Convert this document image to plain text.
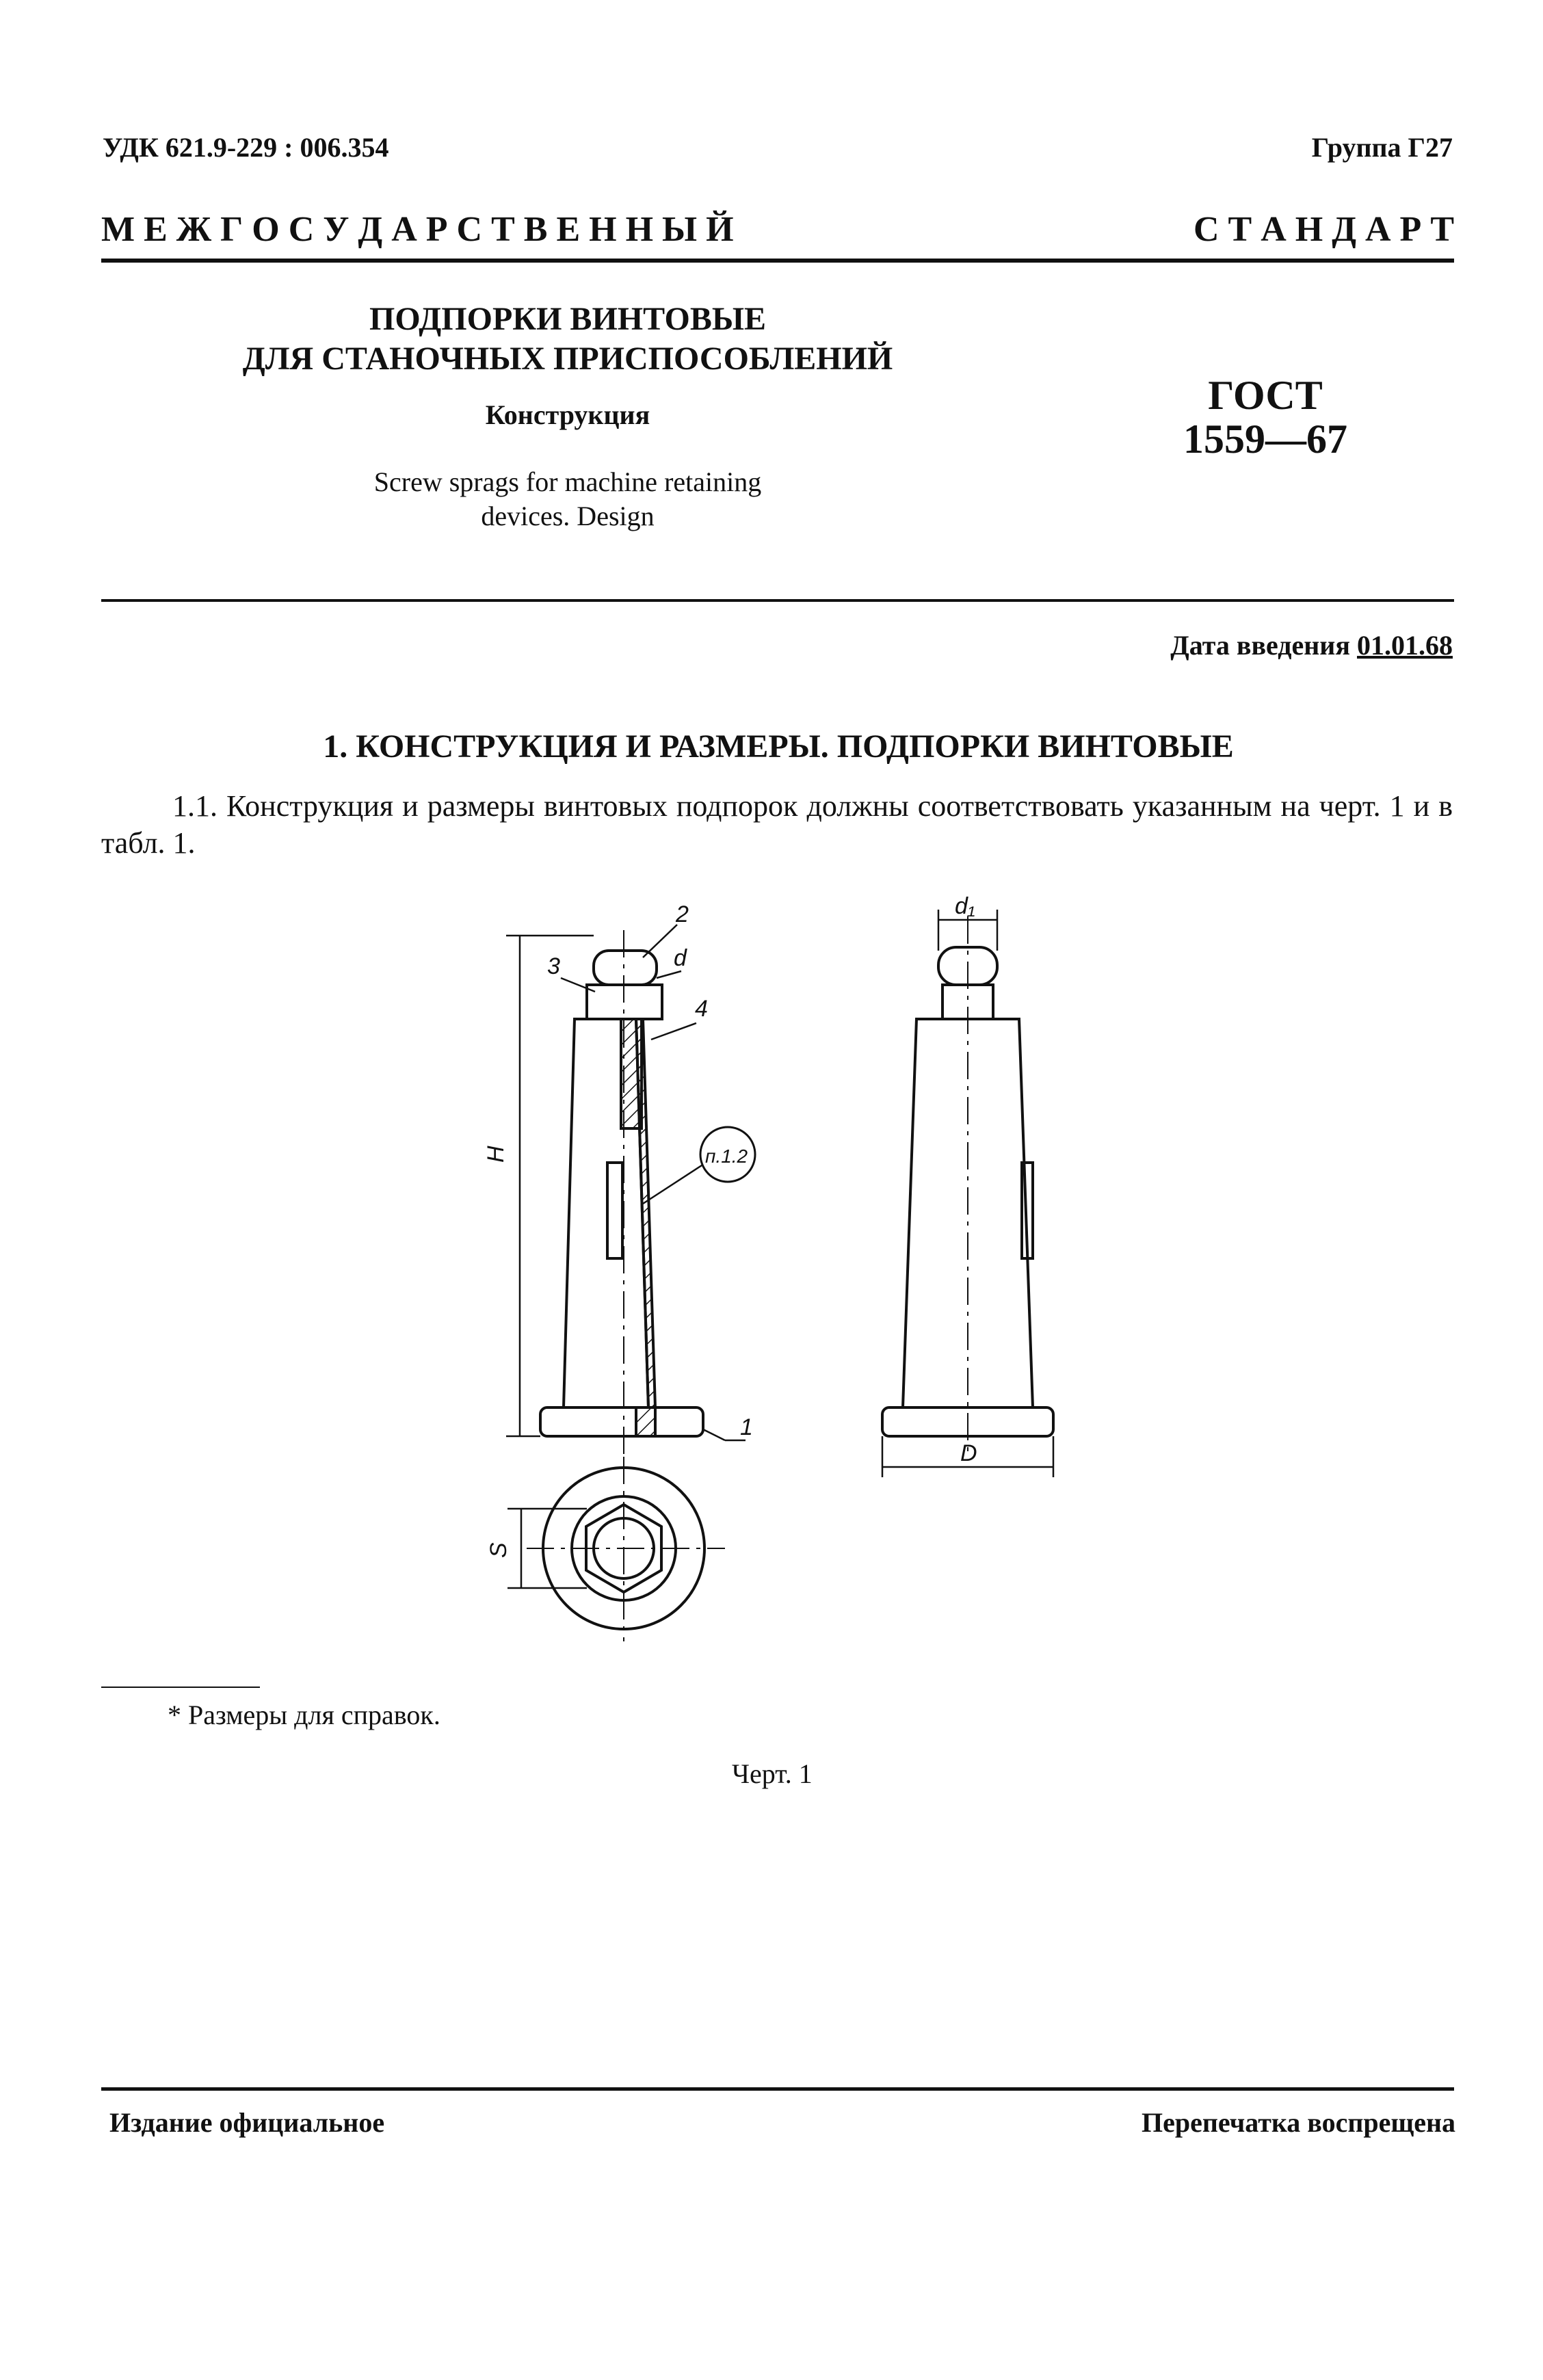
УДК 621.9-229 : 006.354	Группа Г27
М Е Ж Г О С У Д А Р С Т В Е Н Н Ы Й	С Т А Н Д А Р Т
ПОДПОРКИ ВИНТОВЫЕ
ДЛЯ СТАНОЧНЫХ ПРИСПОСОБЛЕНИЙ
Конструкция
Screw sprags for machine retaining
devices. Design
ГОСТ
1559—67
Дата введения 01.01.68
1. КОНСТРУКЦИЯ И РАЗМЕРЫ. ПОДПОРКИ ВИНТОВЫЕ
1.1. Конструкция и размеры винтовых подпорок должны соответствовать указанным на черт. 1 и в табл. 1.
2
d
3
4
H	п.1.2
1
S
d₁
D
* Размеры для справок.
Черт. 1
Издание официальное	Перепечатка воспрещена
